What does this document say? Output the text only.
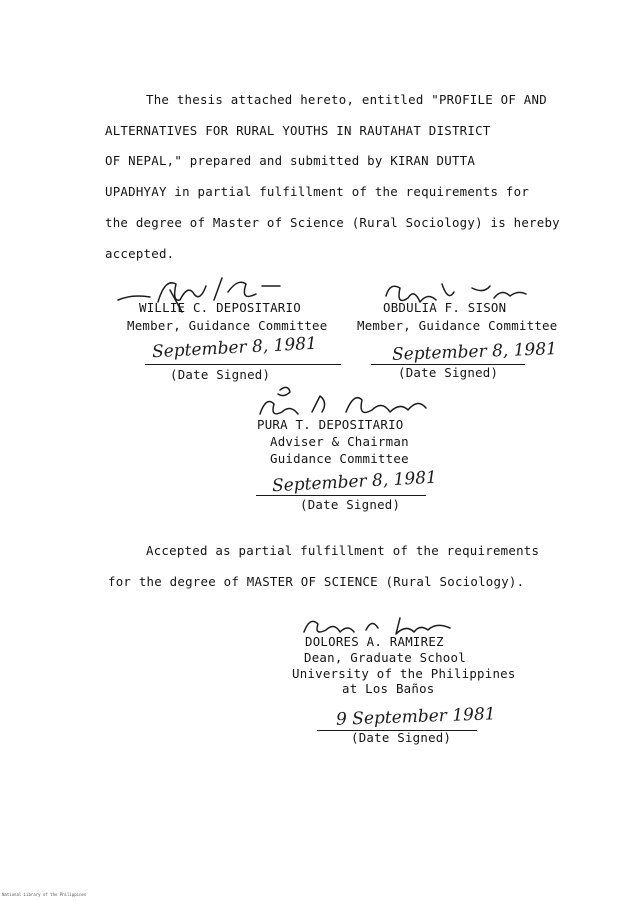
The thesis attached hereto, entitled "PROFILE OF AND
ALTERNATIVES FOR RURAL YOUTHS IN RAUTAHAT DISTRICT
OF NEPAL," prepared and submitted by KIRAN DUTTA
UPADHYAY in partial fulfillment of the requirements for
the degree of Master of Science (Rural Sociology) is hereby
accepted.
WILLIE C. DEPOSITARIO
Member, Guidance Committee
September 8, 1981
(Date Signed)
OBDULIA F. SISON
Member, Guidance Committee
September 8, 1981
(Date Signed)
PURA T. DEPOSITARIO
Adviser & Chairman
Guidance Committee
September 8, 1981
(Date Signed)
Accepted as partial fulfillment of the requirements
for the degree of MASTER OF SCIENCE (Rural Sociology).
DOLORES A. RAMIREZ
Dean, Graduate School
University of the Philippines
at Los Baños
9 September 1981
(Date Signed)
National Library of the Philippines
